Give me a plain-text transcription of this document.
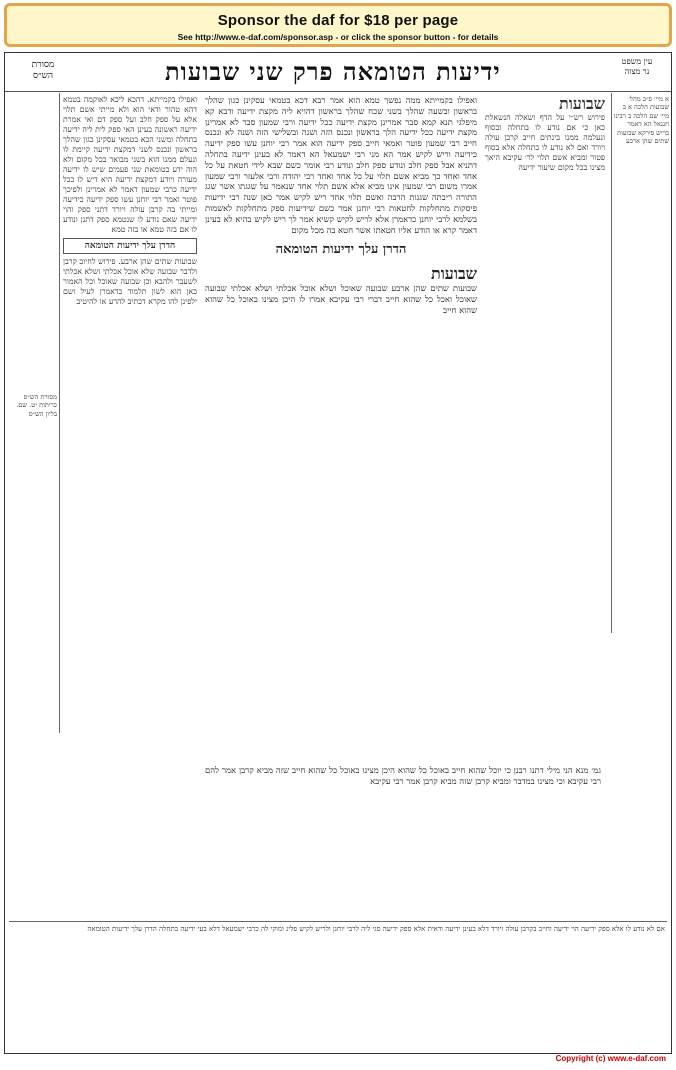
Sponsor the daf for $18 per page
See http://www.e-daf.com/sponsor.asp - or click the sponsor button - for details
עין משפט
נר מצוה
ידיעות הטומאה פרק שני שבועות
מסורת
הש״ס
א מיי׳ פ״ב מהל׳ שבועות הלכה א ב מיי׳ שם הלכה ב רבינו חננאל הא דאמר בריש פירקא שבועות שתים שהן ארבע
שבועות
פירוש רש״י על הדף ושאלה הנשאלת כאן כי אם נודע לו בתחלה ובסוף ונעלמה ממנו בינתים חייב קרבן עולה ויורד ואם לא נודע לו בתחלה אלא בסוף פטור ומביא אשם תלוי לר׳ עקיבא היאך מצינו בכל מקום שיעור ידיעה
ואפילו בקמייתא ממה נפשך טמא הוא אמר רבא דכא בטמאי עסקינן כגון שהלך בראשון ובשעה שהלך בשני שכח שהלך בראשון דהויא ליה מקצת ידיעה ודבא קא מיפלגי תנא קמא סבר אמרינן מקצת ידיעה ככל ידיעה ורבי שמעון סבר לא אמרינן מקצת ידיעה ככל ידיעה הלך בראשון ונכנס הזה ושנה ובשלישי הזה ושנה לא ונכנס חייב רבי שמעון פוטר ואמאי חייב ספק ידיעה הוא אמר רבי יוחנן עשו ספק ידיעה כידיעה וריש לקיש אמר הא מני רבי ישמעאל הא דאמר לא בעינן ידיעה בתחלה דתניא אבל ספק חלב ונודע ספק חלב ונודע רבי אומר כשם שבא לידי חטאת על כל אחד ואחד כך מביא אשם תלוי על כל אחד ואחד רבי יהודה ורבי אלעזר ורבי שמעון אמרו משום רבי שמעון אינו מביא אלא אשם תלוי אחד שנאמר על שגגתו אשר שגג התורה ריבתה שגגות הרבה ואשם תלוי אחד ריש לקיש אמר כאן שנה רבי ידיעות פיסקות מתחלקות לחטאות רבי יוחנן אמר כשם שידיעות ספק מתחלקות לאשמות בשלמא לרבי יוחנן כדאמרן אלא לריש לקיש קשיא אמר לך ריש לקיש בהיא לא בעינן דאמר קרא או הודע אליו חטאתו אשר חטא בה מכל מקום
הדרן עלך ידיעות הטומאה
שבועות
שבועות שתים שהן ארבע שבועה שאוכל ושלא אוכל אכלתי ושלא אכלתי שבועה שאוכל ואכל כל שהוא חייב דברי רבי עקיבא אמרו לו היכן מצינו באוכל כל שהוא שהוא חייב
ואפילו בקמייתא. דהכא ליכא לאוקמה בטמא דהא טהור ודאי הוא ולא מייתי אשם תלוי אלא על ספק חלב ועל ספק דם ואי אמרת ידיעה ראשונה בעינן האי ספק לית ליה ידיעה בתחלה ומשני הכא בטמאי עסקינן כגון שהלך בראשון ונכנס לשני דמקצת ידיעה קיימת לו ונעלם ממנו הוא בשני מבואר בכל מקום ולא הוה ידע בטומאת שני פעמים שיש לו ידיעה מעורה ויודע דמקצת ידיעה היא דיש לו ככל ידיעה כרבי שמעון דאמר לא אמרינן ולפיכך פוטר ואמר רבי יוחנן עשו ספק ידיעה כידיעה ומייתי בה קרבן עולה ויורד דתני ספק והוי ידיעה שאם נודע לו שנטמא ספק דתנן ונודע לו אם בזה טמא או בזה טמא
הדרן עלך ידיעות הטומאה
שבועות שתים שהן ארבע. פירוש לחיוב קרבן ולדבר שבועה שלא אוכל אכלתי ושלא אכלתי לשעבר ולהבא וכן שבועה שאוכל וכל האמור כאן הוא לשון תלמוד כדאמרן לעיל ושם ילפינן להו מקרא דכתיב להרע או להיטיב
מסורת הש״ס כריתות יט. שם. בליון הש״ס
גמ׳ מנא הני מילי דתנו רבנן כי יוכל שהוא חייב באוכל כל שהוא היכן מצינו באוכל כל שהוא חייב שזה מביא קרבן אמר להם רבי עקיבא וכי מצינו במדבר ומביא קרבן שזה מביא קרבן אמר רבי עקיבא
אם לא נודע לו אלא ספק ידיעה הוי ידיעה וחייב בקרבן עולה ויורד דלא בעינן ידיעה ודאית אלא ספק ידיעה סגי ליה לרבי יוחנן ולריש לקיש פליג ומוקי לה כרבי ישמעאל דלא בעי ידיעה בתחלה הדרן עלך ידיעות הטומאה
Copyright (c) www.e-daf.com
